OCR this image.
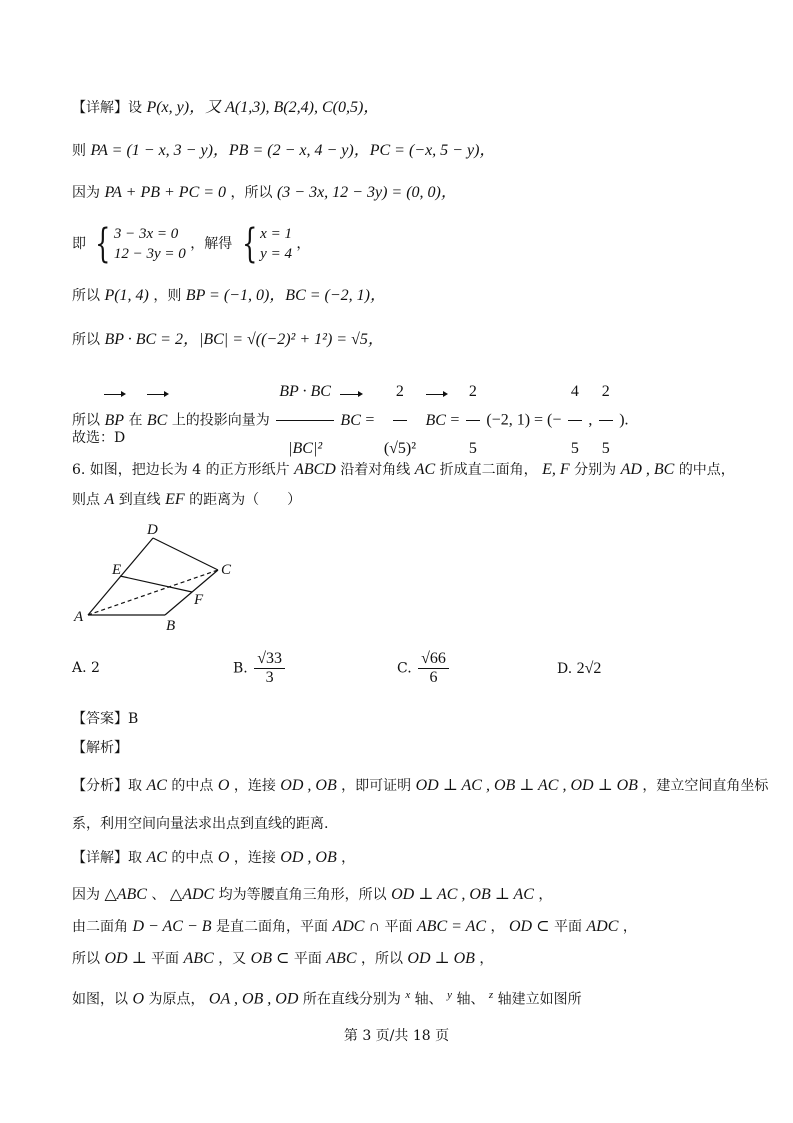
【详解】设 P(x, y)，又 A(1,3), B(2,4), C(0,5)，
则 PA = (1 − x, 3 − y)，PB = (2 − x, 4 − y)，PC = (−x, 5 − y)，
因为 PA + PB + PC = 0 ，所以 (3 − 3x, 12 − 3y) = (0, 0)，
即 { 3 − 3x = 0
12 − 3y = 0
，解得 { x = 1
y = 4
，
所以 P(1, 4) ，则 BP = (−1, 0)，BC = (−2, 1)，
所以 BP · BC = 2，|BC| = √((−2)² + 1²) = √5，
所以 BP 在 BC 上的投影向量为 $\frac{BP \cdot BC}{\text{|BC|²}}$ BC = $\frac{2}{\text{(√5)²}}$ BC = $\frac{2}{5} (-2$, 1) = (− $\frac{4}{5}$ , $\frac{2}{5}$ ).
故选：D
6. 如图，把边长为 4 的正方形纸片 ABCD 沿着对角线 AC 折成直二面角， E, F 分别为 AD , BC 的中点，
则点 A 到直线 EF 的距离为（　　）
D
E	C
F
A
B
A. 2	B. $\frac{√33}{3}$	C. $\frac{√66}{6}$	D. 2√2
【答案】B
【解析】
【分析】取 AC 的中点 O ，连接 OD , OB ，即可证明 OD ⊥ AC , OB ⊥ AC , OD ⊥ OB ，建立空间直角坐标
系，利用空间向量法求出点到直线的距离.
【详解】取 AC 的中点 O ，连接 OD , OB ，
因为 △ABC 、 △ADC 均为等腰直角三角形，所以 OD ⊥ AC , OB ⊥ AC ，
由二面角 D − AC − B 是直二面角，平面 ADC ∩ 平面 ABC = AC ， OD ⊂ 平面 ADC ，
所以 OD ⊥ 平面 ABC ，又 OB ⊂ 平面 ABC ，所以 OD ⊥ OB ，
如图，以 O 为原点， OA , OB , OD 所在直线分别为 $^x$ 轴、 $^y$ 轴、 $^z$ 轴建立如图所
第 3 页/共 18 页
